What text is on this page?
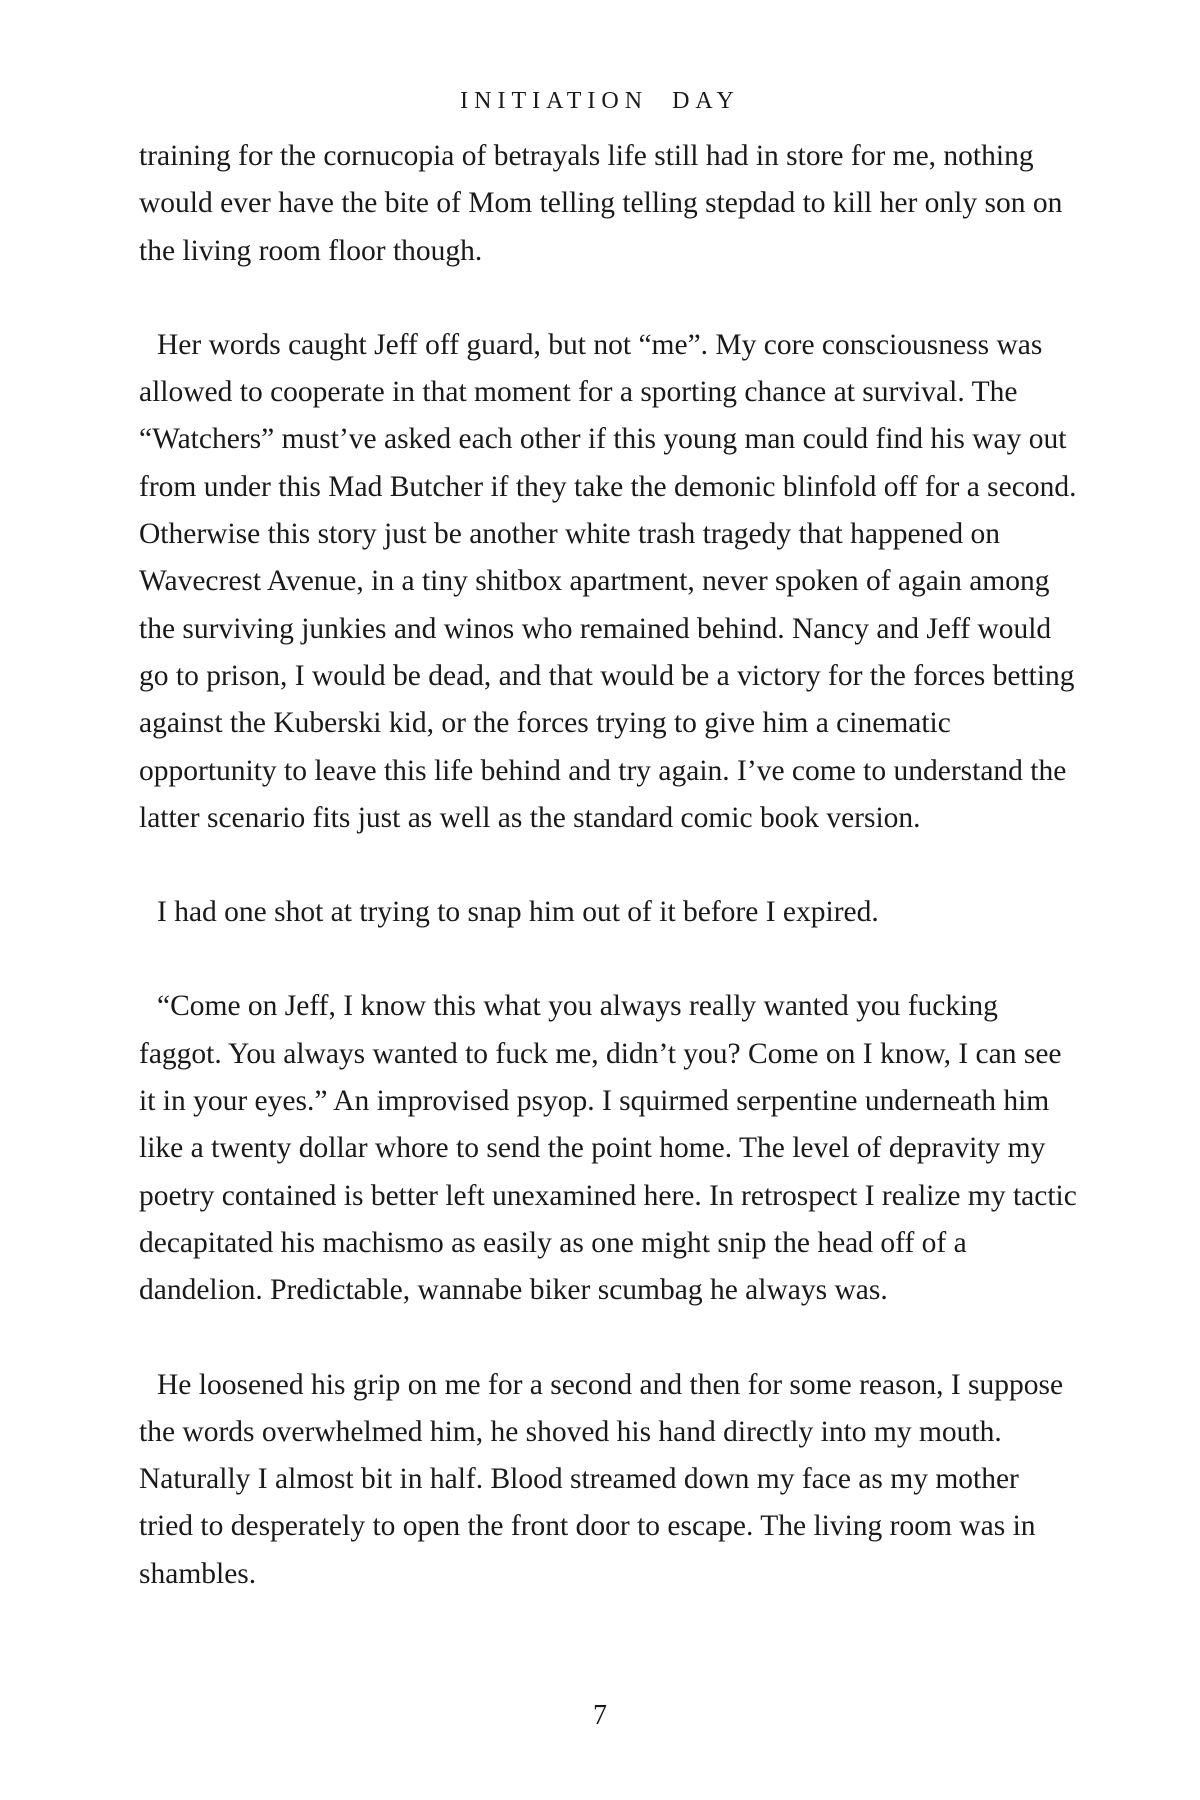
INITIATION DAY

training for the cornucopia of betrayals life still had in store for me, nothing would ever have the bite of Mom telling telling stepdad to kill her only son on the living room floor though.

Her words caught Jeff off guard, but not “me”. My core consciousness was allowed to cooperate in that moment for a sporting chance at survival. The “Watchers” must’ve asked each other if this young man could find his way out from under this Mad Butcher if they take the demonic blinfold off for a second. Otherwise this story just be another white trash tragedy that happened on Wavecrest Avenue, in a tiny shitbox apartment, never spoken of again among the surviving junkies and winos who remained behind. Nancy and Jeff would go to prison, I would be dead, and that would be a victory for the forces betting against the Kuberski kid, or the forces trying to give him a cinematic opportunity to leave this life behind and try again. I’ve come to understand the latter scenario fits just as well as the standard comic book version.

I had one shot at trying to snap him out of it before I expired.

“Come on Jeff, I know this what you always really wanted you fucking faggot. You always wanted to fuck me, didn’t you? Come on I know, I can see it in your eyes.” An improvised psyop. I squirmed serpentine underneath him like a twenty dollar whore to send the point home. The level of depravity my poetry contained is better left unexamined here. In retrospect I realize my tactic decapitated his machismo as easily as one might snip the head off of a dandelion. Predictable, wannabe biker scumbag he always was.

He loosened his grip on me for a second and then for some reason, I suppose the words overwhelmed him, he shoved his hand directly into my mouth. Naturally I almost bit in half. Blood streamed down my face as my mother tried to desperately to open the front door to escape. The living room was in shambles.

7
